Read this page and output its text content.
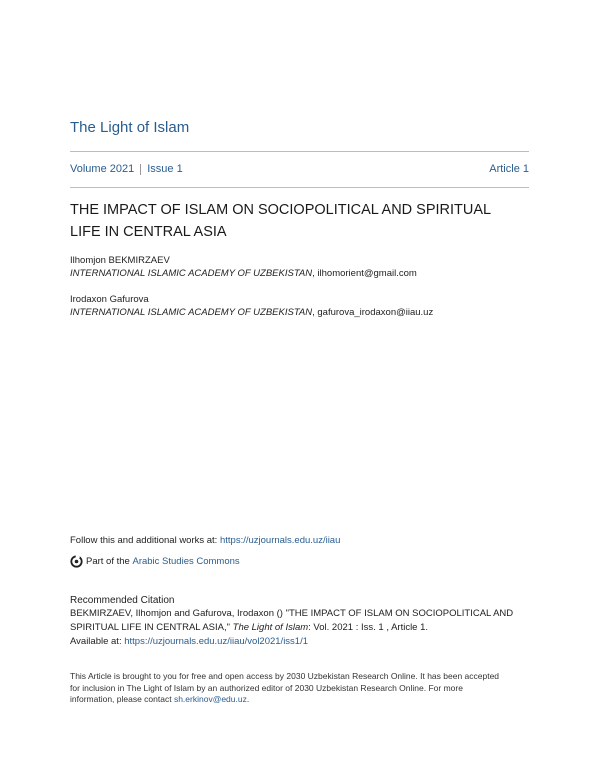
The Light of Islam
Volume 2021 Issue 1	Article 1
THE IMPACT OF ISLAM ON SOCIOPOLITICAL AND SPIRITUAL
LIFE IN CENTRAL ASIA
Ilhomjon BEKMIRZAEV
INTERNATIONAL ISLAMIC ACADEMY OF UZBEKISTAN, ilhomorient@gmail.com
Irodaxon Gafurova
INTERNATIONAL ISLAMIC ACADEMY OF UZBEKISTAN, gafurova_irodaxon@iiau.uz
Follow this and additional works at: https://uzjournals.edu.uz/iiau
Part of the
Arabic Studies Commons
Recommended Citation
BEKMIRZAEV, Ilhomjon and Gafurova, Irodaxon () "THE IMPACT OF ISLAM ON SOCIOPOLITICAL AND
SPIRITUAL LIFE IN CENTRAL ASIA," The Light of Islam: Vol. 2021 : Iss. 1 , Article 1.
Available at: https://uzjournals.edu.uz/iiau/vol2021/iss1/1
This Article is brought to you for free and open access by 2030 Uzbekistan Research Online. It has been accepted
for inclusion in The Light of Islam by an authorized editor of 2030 Uzbekistan Research Online. For more
information, please contact sh.erkinov@edu.uz.
